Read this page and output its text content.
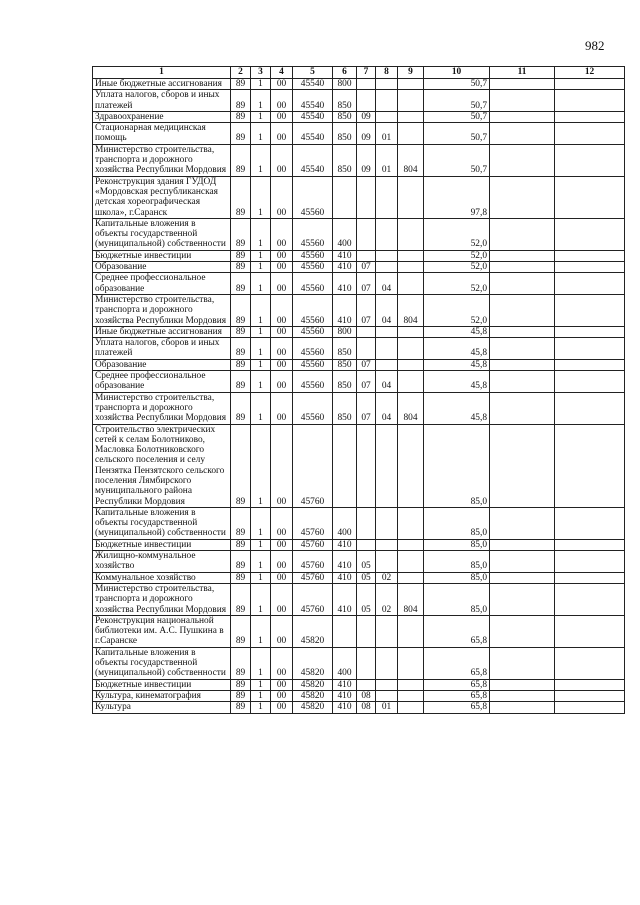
982
1	2	3	4	5	6	7	8	9	10	11	12
Иные бюджетные ассигнования	89	1	00	45540	800				50,7		
Уплата налогов, сборов и иных платежей	89	1	00	45540	850				50,7		
Здравоохранение	89	1	00	45540	850	09			50,7		
Стационарная медицинская помощь	89	1	00	45540	850	09	01		50,7		
Министерство строительства, транспорта и дорожного хозяйства Республики Мордовия	89	1	00	45540	850	09	01	804	50,7		
Реконструкция здания ГУДОД «Мордовская республиканская детская хореографическая школа», г.Саранск	89	1	00	45560					97,8		
Капитальные вложения в объекты государственной (муниципальной) собственности	89	1	00	45560	400				52,0		
Бюджетные инвестиции	89	1	00	45560	410				52,0		
Образование	89	1	00	45560	410	07			52,0		
Среднее профессиональное образование	89	1	00	45560	410	07	04		52,0		
Министерство строительства, транспорта и дорожного хозяйства Республики Мордовия	89	1	00	45560	410	07	04	804	52,0		
Иные бюджетные ассигнования	89	1	00	45560	800				45,8		
Уплата налогов, сборов и иных платежей	89	1	00	45560	850				45,8		
Образование	89	1	00	45560	850	07			45,8		
Среднее профессиональное образование	89	1	00	45560	850	07	04		45,8		
Министерство строительства, транспорта и дорожного хозяйства Республики Мордовия	89	1	00	45560	850	07	04	804	45,8		
Строительство электрических сетей к селам Болотниково, Масловка Болотниковского сельского поселения и селу Пензятка Пензятского сельского поселения Лямбирского муниципального района Республики Мордовия	89	1	00	45760					85,0		
Капитальные вложения в объекты государственной (муниципальной) собственности	89	1	00	45760	400				85,0		
Бюджетные инвестиции	89	1	00	45760	410				85,0		
Жилищно-коммунальное хозяйство	89	1	00	45760	410	05			85,0		
Коммунальное хозяйство	89	1	00	45760	410	05	02		85,0		
Министерство строительства, транспорта и дорожного хозяйства Республики Мордовия	89	1	00	45760	410	05	02	804	85,0		
Реконструкция национальной библиотеки им. А.С. Пушкина в г.Саранске	89	1	00	45820					65,8		
Капитальные вложения в объекты государственной (муниципальной) собственности	89	1	00	45820	400				65,8		
Бюджетные инвестиции	89	1	00	45820	410				65,8		
Культура, кинематография	89	1	00	45820	410	08			65,8		
Культура	89	1	00	45820	410	08	01		65,8		
